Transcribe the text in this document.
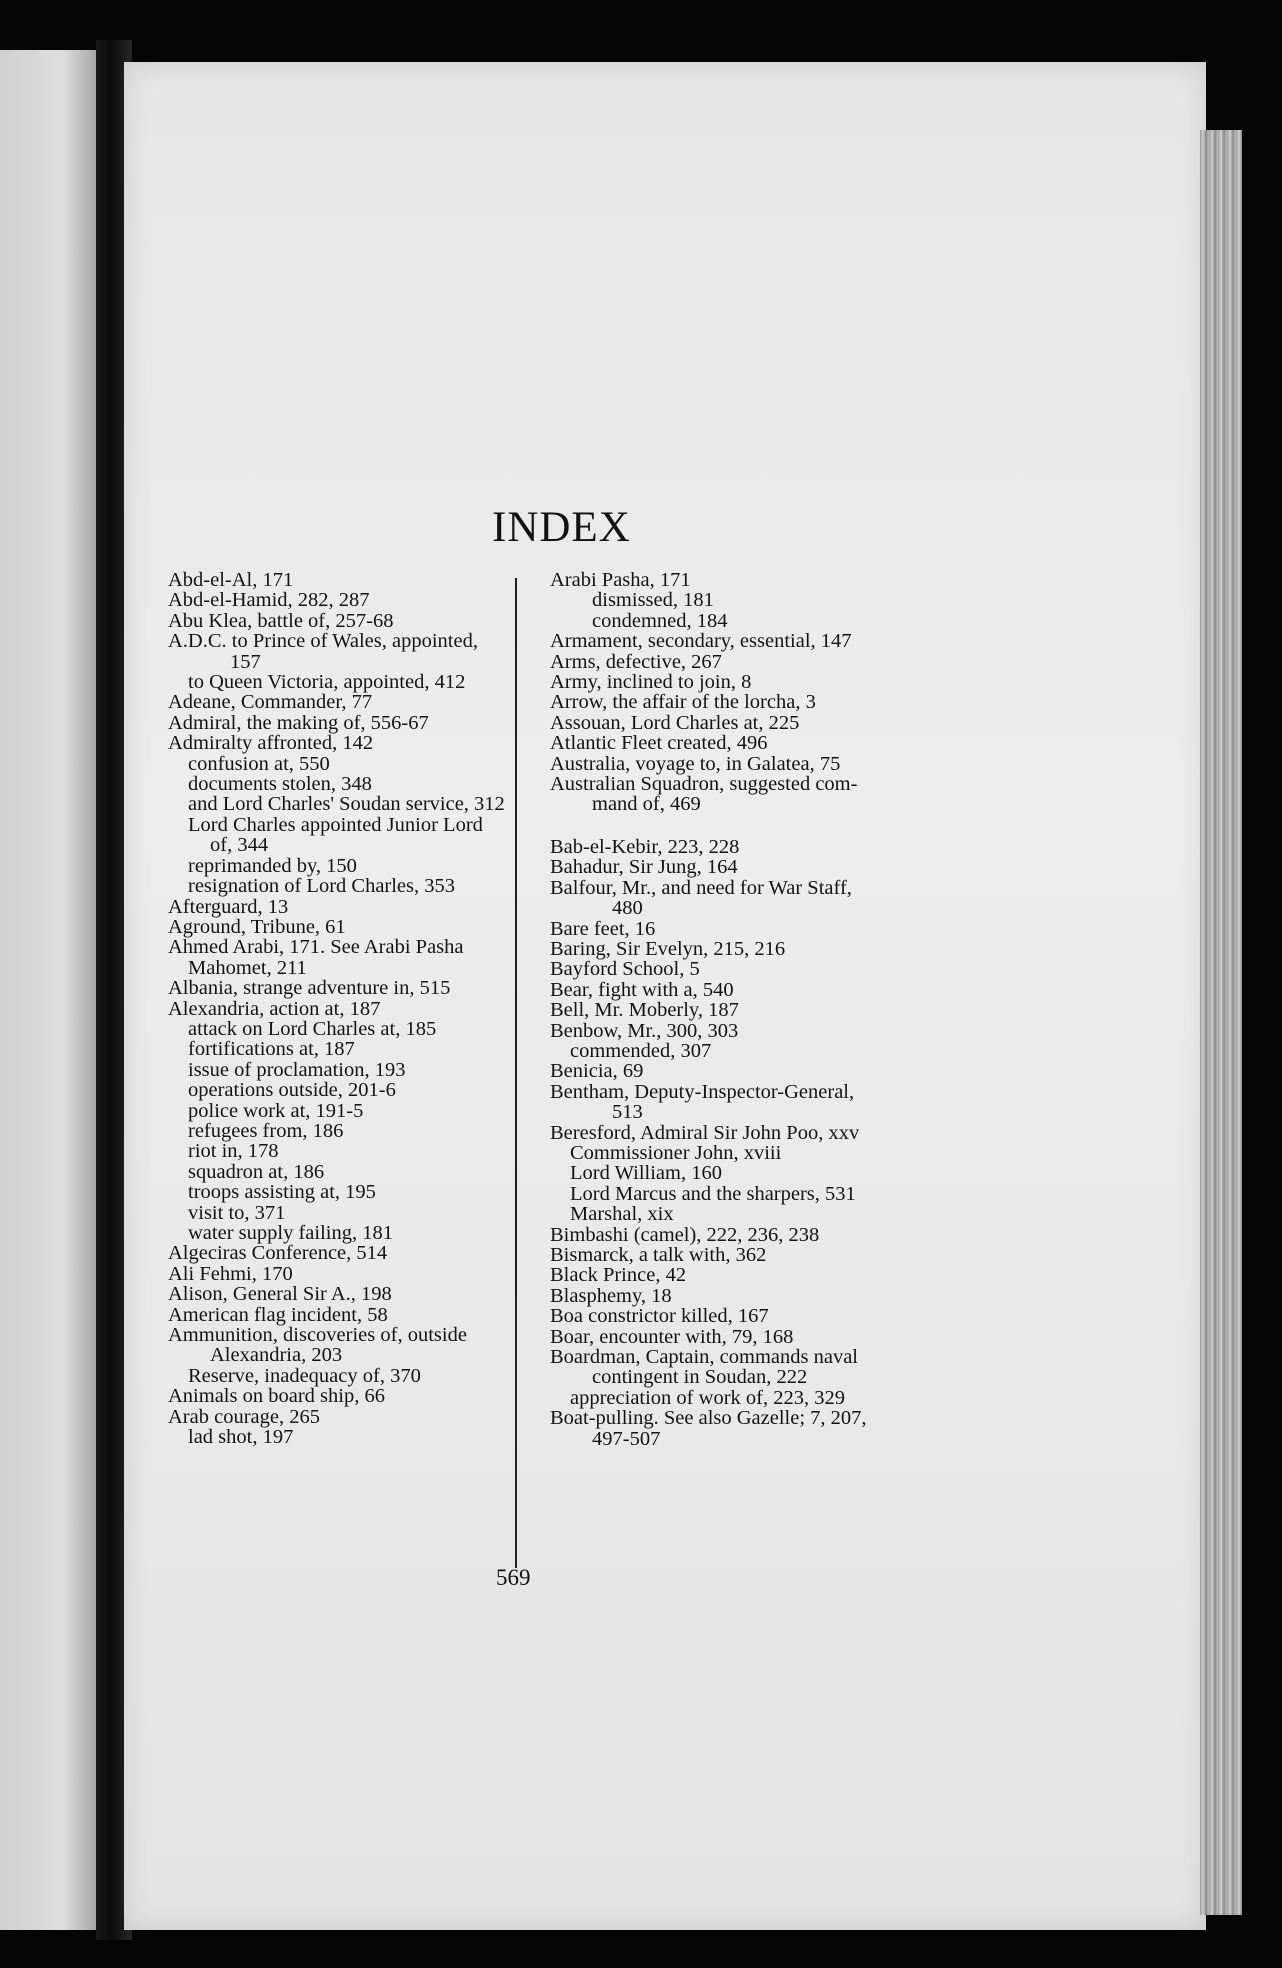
INDEX
Abd-el-Al, 171
Abd-el-Hamid, 282, 287
Abu Klea, battle of, 257-68
A.D.C. to Prince of Wales, appointed,
157
to Queen Victoria, appointed, 412
Adeane, Commander, 77
Admiral, the making of, 556-67
Admiralty affronted, 142
confusion at, 550
documents stolen, 348
and Lord Charles' Soudan service, 312
Lord Charles appointed Junior Lord
of, 344
reprimanded by, 150
resignation of Lord Charles, 353
Afterguard, 13
Aground, Tribune, 61
Ahmed Arabi, 171. See Arabi Pasha
Mahomet, 211
Albania, strange adventure in, 515
Alexandria, action at, 187
attack on Lord Charles at, 185
fortifications at, 187
issue of proclamation, 193
operations outside, 201-6
police work at, 191-5
refugees from, 186
riot in, 178
squadron at, 186
troops assisting at, 195
visit to, 371
water supply failing, 181
Algeciras Conference, 514
Ali Fehmi, 170
Alison, General Sir A., 198
American flag incident, 58
Ammunition, discoveries of, outside
Alexandria, 203
Reserve, inadequacy of, 370
Animals on board ship, 66
Arab courage, 265
lad shot, 197
Arabi Pasha, 171
dismissed, 181
condemned, 184
Armament, secondary, essential, 147
Arms, defective, 267
Army, inclined to join, 8
Arrow, the affair of the lorcha, 3
Assouan, Lord Charles at, 225
Atlantic Fleet created, 496
Australia, voyage to, in Galatea, 75
Australian Squadron, suggested com-
mand of, 469
Bab-el-Kebir, 223, 228
Bahadur, Sir Jung, 164
Balfour, Mr., and need for War Staff,
480
Bare feet, 16
Baring, Sir Evelyn, 215, 216
Bayford School, 5
Bear, fight with a, 540
Bell, Mr. Moberly, 187
Benbow, Mr., 300, 303
commended, 307
Benicia, 69
Bentham, Deputy-Inspector-General,
513
Beresford, Admiral Sir John Poo, xxv
Commissioner John, xviii
Lord William, 160
Lord Marcus and the sharpers, 531
Marshal, xix
Bimbashi (camel), 222, 236, 238
Bismarck, a talk with, 362
Black Prince, 42
Blasphemy, 18
Boa constrictor killed, 167
Boar, encounter with, 79, 168
Boardman, Captain, commands naval
contingent in Soudan, 222
appreciation of work of, 223, 329
Boat-pulling. See also Gazelle; 7, 207,
497-507
569
